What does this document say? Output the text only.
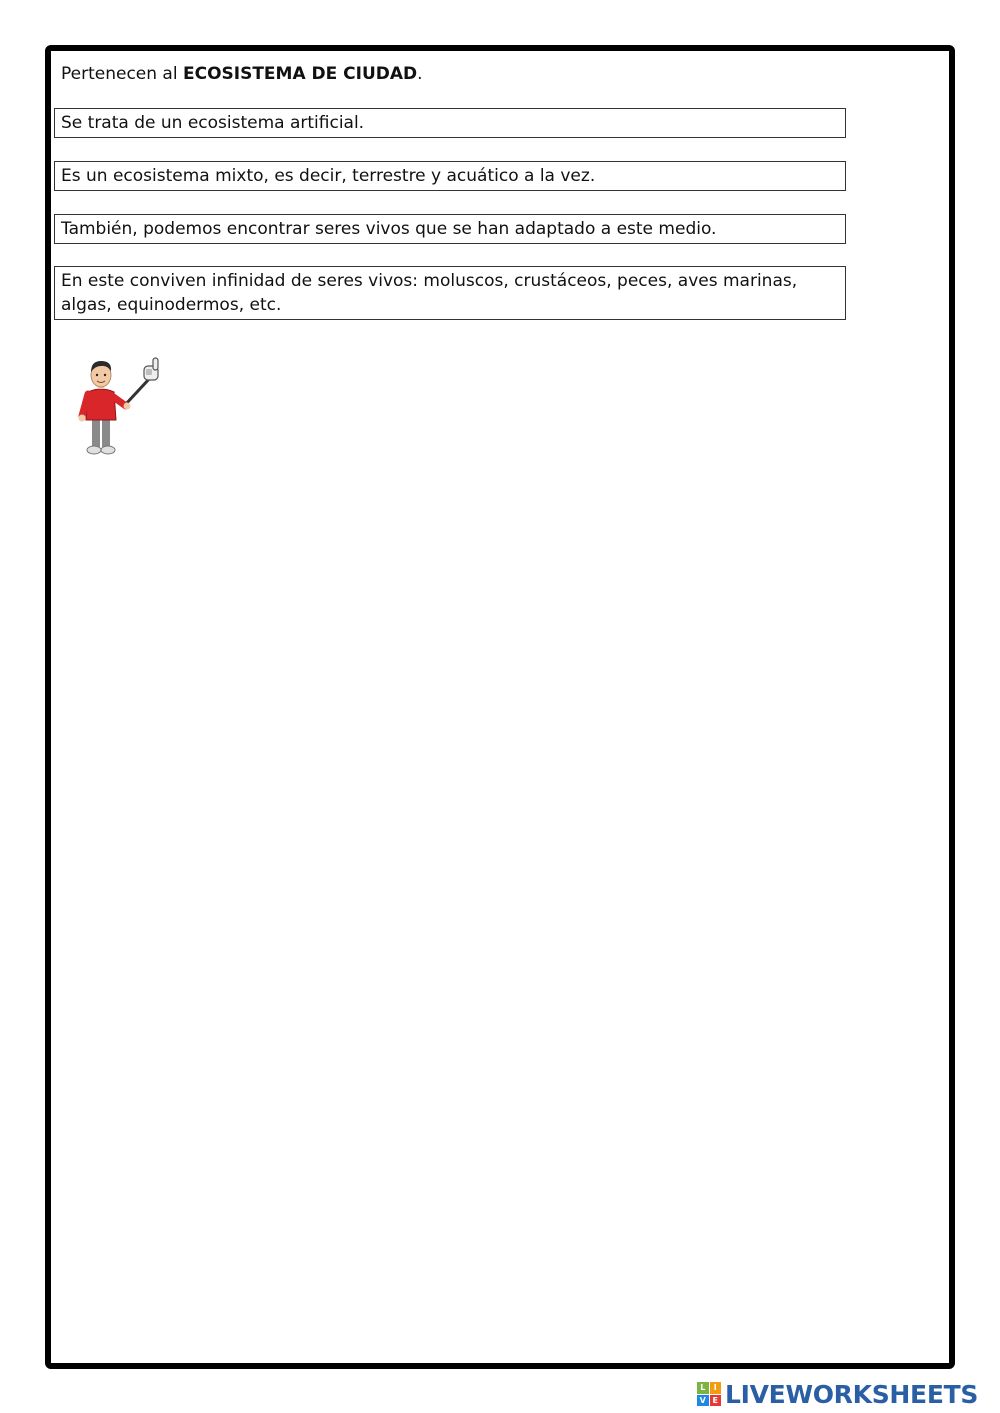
Pertenecen al ECOSISTEMA DE CIUDAD.
Se trata de un ecosistema artificial.
Es un ecosistema mixto, es decir, terrestre y acuático a la vez.
También, podemos encontrar seres vivos que se han adaptado a este medio.
En este conviven infinidad de seres vivos: moluscos, crustáceos, peces, aves marinas, algas, equinodermos, etc.
L	I
V E LIVEWORKSHEETS
